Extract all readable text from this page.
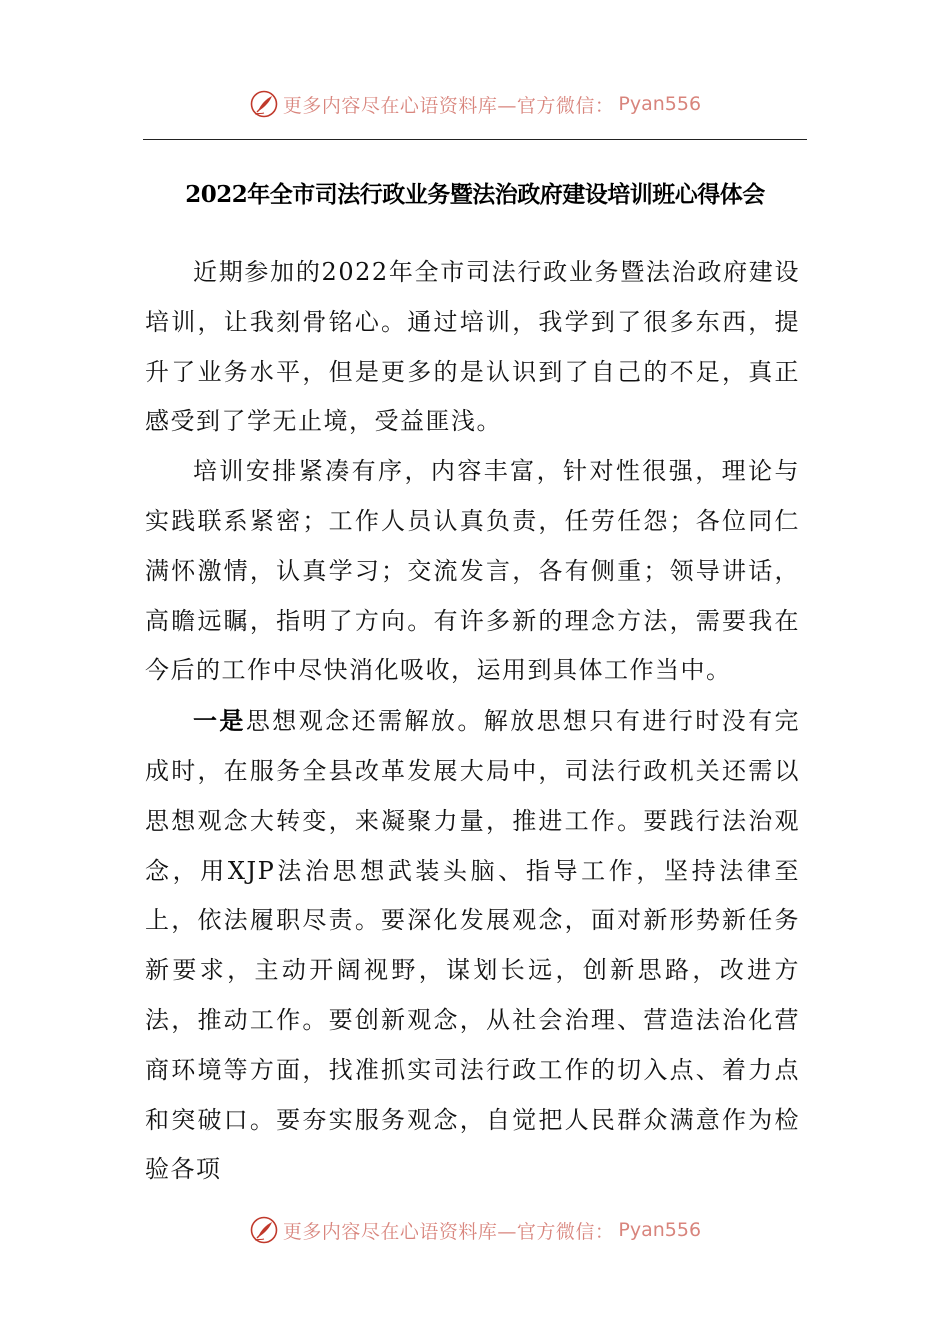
更多内容尽在心语资料库—官方微信： Pyan556
2022年全市司法行政业务暨法治政府建设培训班心得体会

近期参加的2022年全市司法行政业务暨法治政府建设培训，让我刻骨铭心。通过培训，我学到了很多东西，提升了业务水平，但是更多的是认识到了自己的不足，真正感受到了学无止境，受益匪浅。

培训安排紧凑有序，内容丰富，针对性很强，理论与实践联系紧密；工作人员认真负责，任劳任怨；各位同仁满怀激情，认真学习；交流发言，各有侧重；领导讲话，高瞻远瞩，指明了方向。有许多新的理念方法，需要我在今后的工作中尽快消化吸收，运用到具体工作当中。

一是思想观念还需解放。解放思想只有进行时没有完成时，在服务全县改革发展大局中，司法行政机关还需以思想观念大转变，来凝聚力量，推进工作。要践行法治观念，用XJP法治思想武装头脑、指导工作，坚持法律至上，依法履职尽责。要深化发展观念，面对新形势新任务新要求，主动开阔视野，谋划长远，创新思路，改进方法，推动工作。要创新观念，从社会治理、营造法治化营商环境等方面，找准抓实司法行政工作的切入点、着力点和突破口。要夯实服务观念，自觉把人民群众满意作为检验各项

更多内容尽在心语资料库—官方微信： Pyan556
